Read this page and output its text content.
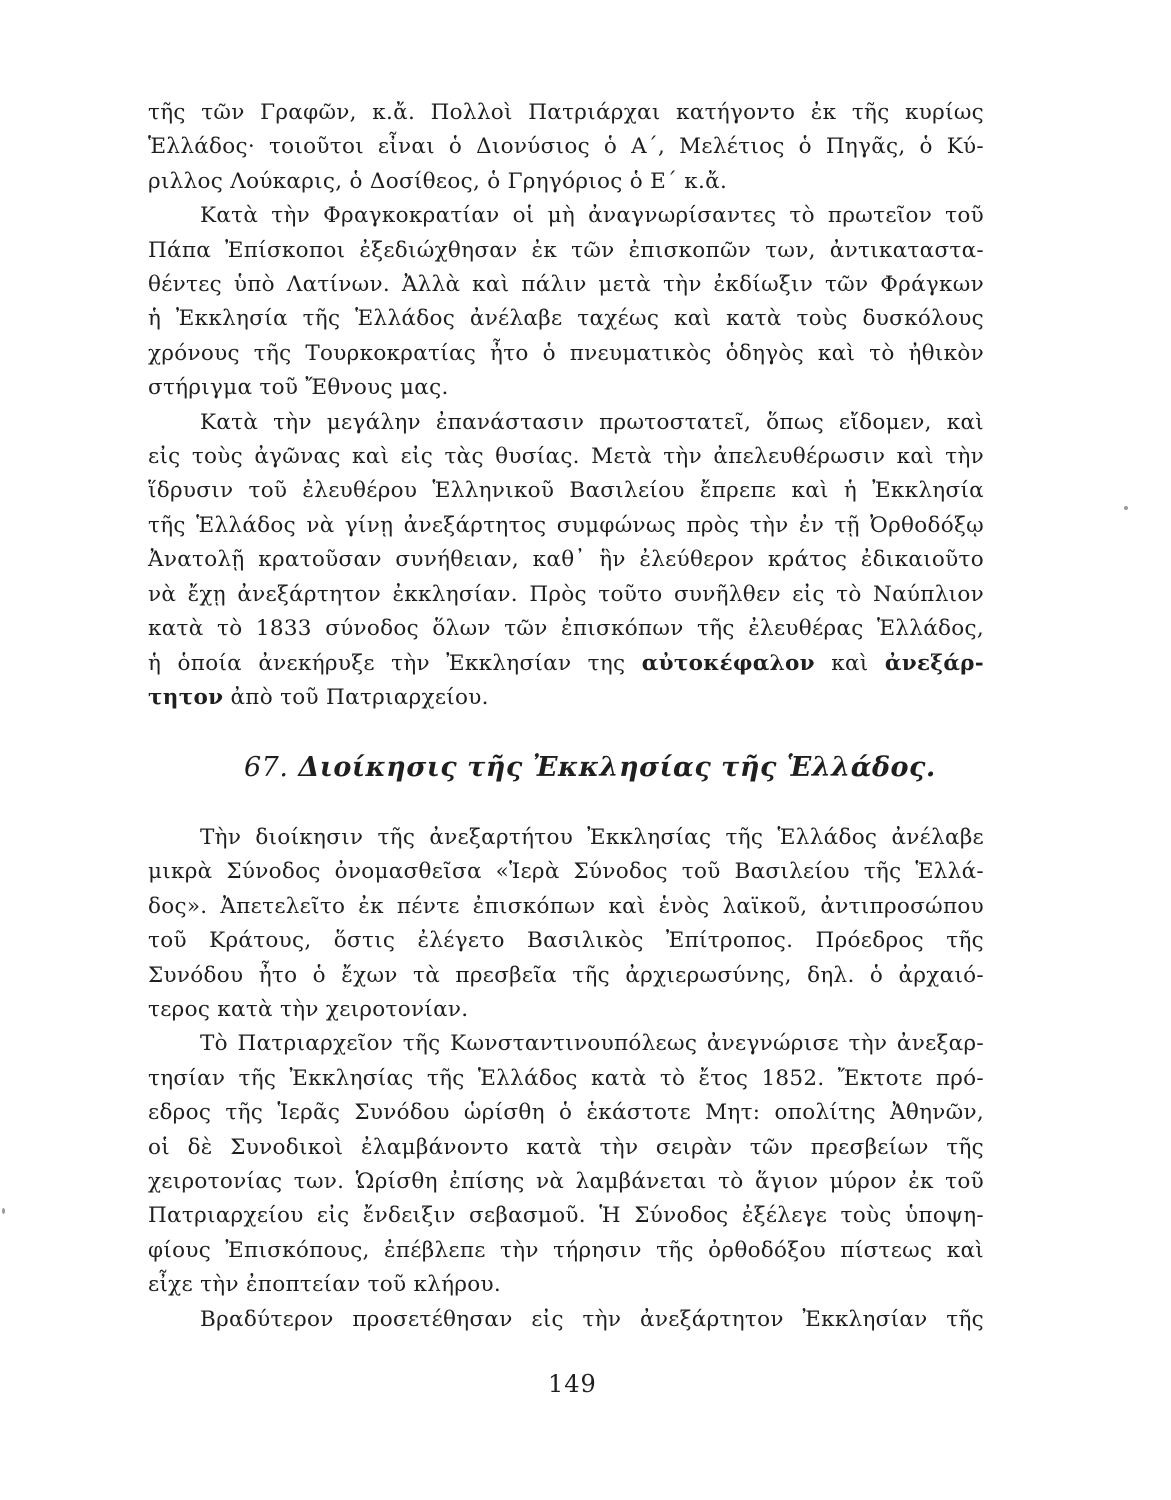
τῆς τῶν Γραφῶν, κ.ἄ. Πολλοὶ Πατριάρχαι κατήγοντο ἐκ τῆς κυρίως
Ἑλλάδος· τοιοῦτοι εἶναι ὁ Διονύσιος ὁ Α΄, Μελέτιος ὁ Πηγᾶς, ὁ Κύ-
ριλλος Λούκαρις, ὁ Δοσίθεος, ὁ Γρηγόριος ὁ Ε΄ κ.ἄ.

Κατὰ τὴν Φραγκοκρατίαν οἱ μὴ ἀναγνωρίσαντες τὸ πρωτεῖον τοῦ
Πάπα Ἐπίσκοποι ἐξεδιώχθησαν ἐκ τῶν ἐπισκοπῶν των, ἀντικαταστα-
θέντες ὑπὸ Λατίνων. Ἀλλὰ καὶ πάλιν μετὰ τὴν ἐκδίωξιν τῶν Φράγκων
ἡ Ἐκκλησία τῆς Ἑλλάδος ἀνέλαβε ταχέως καὶ κατὰ τοὺς δυσκόλους
χρόνους τῆς Τουρκοκρατίας ἦτο ὁ πνευματικὸς ὁδηγὸς καὶ τὸ ἠθικὸν
στήριγμα τοῦ Ἔθνους μας.

Κατὰ τὴν μεγάλην ἐπανάστασιν πρωτοστατεῖ, ὅπως εἴδομεν, καὶ
εἰς τοὺς ἀγῶνας καὶ εἰς τὰς θυσίας. Μετὰ τὴν ἀπελευθέρωσιν καὶ τὴν
ἵδρυσιν τοῦ ἐλευθέρου Ἑλληνικοῦ Βασιλείου ἔπρεπε καὶ ἡ Ἐκκλησία
τῆς Ἑλλάδος νὰ γίνῃ ἀνεξάρτητος συμφώνως πρὸς τὴν ἐν τῇ Ὀρθοδόξῳ
Ἀνατολῇ κρατοῦσαν συνήθειαν, καθ᾽ ἣν ἐλεύθερον κράτος ἐδικαιοῦτο
νὰ ἔχῃ ἀνεξάρτητον ἐκκλησίαν. Πρὸς τοῦτο συνῆλθεν εἰς τὸ Ναύπλιον
κατὰ τὸ 1833 σύνοδος ὅλων τῶν ἐπισκόπων τῆς ἐλευθέρας Ἑλλάδος,
ἡ ὁποία ἀνεκήρυξε τὴν Ἐκκλησίαν της αὐτοκέφαλον καὶ ἀνεξάρ-
τητον ἀπὸ τοῦ Πατριαρχείου.

67. Διοίκησις τῆς Ἐκκλησίας τῆς Ἑλλάδος.

Τὴν διοίκησιν τῆς ἀνεξαρτήτου Ἐκκλησίας τῆς Ἑλλάδος ἀνέλαβε
μικρὰ Σύνοδος ὀνομασθεῖσα «Ἱερὰ Σύνοδος τοῦ Βασιλείου τῆς Ἑλλά-
δος». Ἀπετελεῖτο ἐκ πέντε ἐπισκόπων καὶ ἑνὸς λαϊκοῦ, ἀντιπροσώπου
τοῦ Κράτους, ὅστις ἐλέγετο Βασιλικὸς Ἐπίτροπος. Πρόεδρος τῆς
Συνόδου ἦτο ὁ ἔχων τὰ πρεσβεῖα τῆς ἀρχιερωσύνης, δηλ. ὁ ἀρχαιό-
τερος κατὰ τὴν χειροτονίαν.

Τὸ Πατριαρχεῖον τῆς Κωνσταντινουπόλεως ἀνεγνώρισε τὴν ἀνεξαρ-
τησίαν τῆς Ἐκκλησίας τῆς Ἑλλάδος κατὰ τὸ ἔτος 1852. Ἔκτοτε πρό-
εδρος τῆς Ἱερᾶς Συνόδου ὡρίσθη ὁ ἑκάστοτε Μητ: οπολίτης Ἀθηνῶν,
οἱ δὲ Συνοδικοὶ ἐλαμβάνοντο κατὰ τὴν σειρὰν τῶν πρεσβείων τῆς
χειροτονίας των. Ὡρίσθη ἐπίσης νὰ λαμβάνεται τὸ ἅγιον μύρον ἐκ τοῦ
Πατριαρχείου εἰς ἔνδειξιν σεβασμοῦ. Ἡ Σύνοδος ἐξέλεγε τοὺς ὑποψη-
φίους Ἐπισκόπους, ἐπέβλεπε τὴν τήρησιν τῆς ὀρθοδόξου πίστεως καὶ
εἶχε τὴν ἐποπτείαν τοῦ κλήρου.

Βραδύτερον προσετέθησαν εἰς τὴν ἀνεξάρτητον Ἐκκλησίαν τῆς

149
